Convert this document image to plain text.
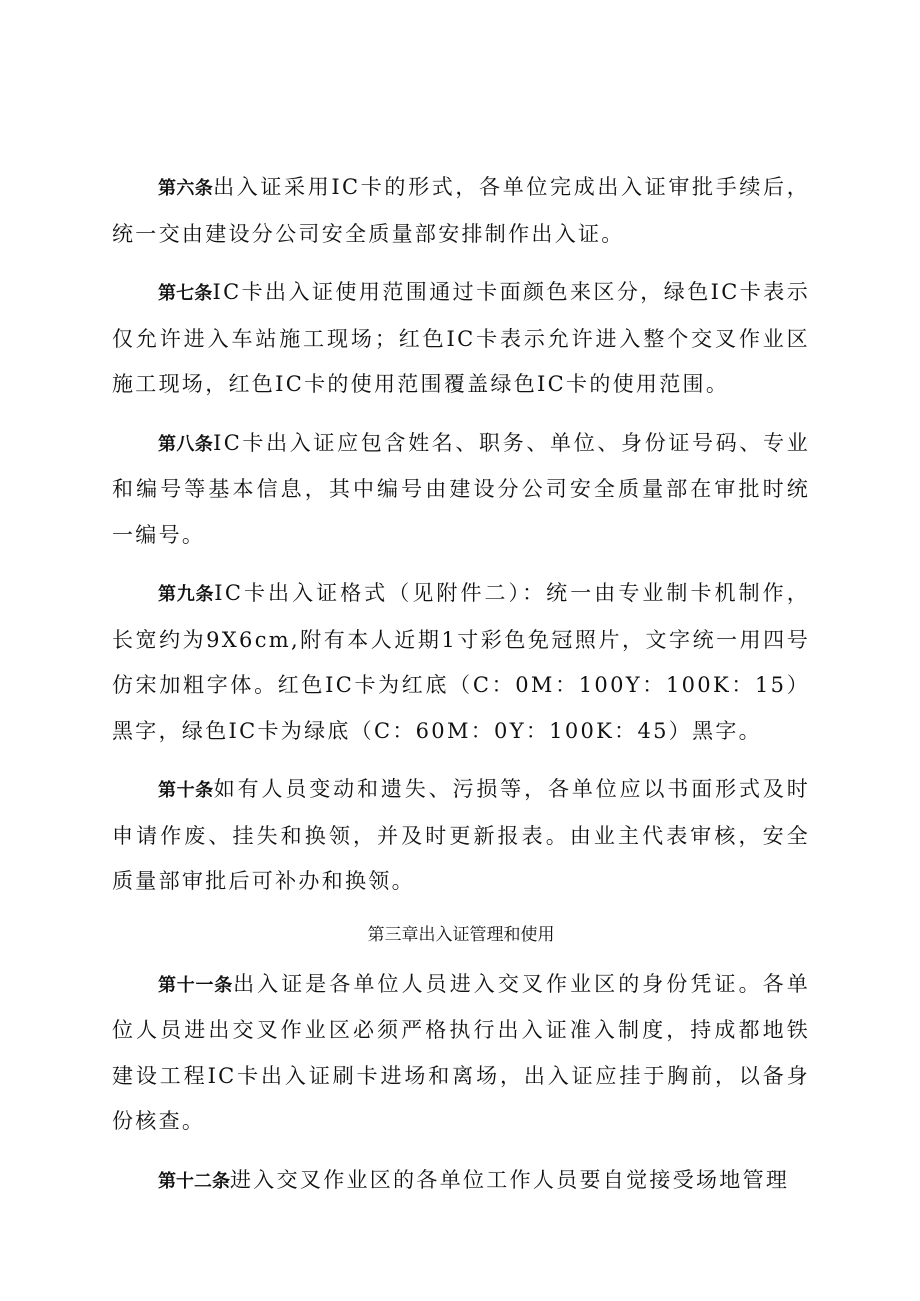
第六条出入证采用IC卡的形式，各单位完成出入证审批手续后，统一交由建设分公司安全质量部安排制作出入证。

第七条IC卡出入证使用范围通过卡面颜色来区分，绿色IC卡表示仅允许进入车站施工现场；红色IC卡表示允许进入整个交叉作业区施工现场，红色IC卡的使用范围覆盖绿色IC卡的使用范围。

第八条IC卡出入证应包含姓名、职务、单位、身份证号码、专业和编号等基本信息，其中编号由建设分公司安全质量部在审批时统一编号。

第九条IC卡出入证格式（见附件二）：统一由专业制卡机制作，长宽约为9X6cm,附有本人近期1寸彩色免冠照片，文字统一用四号仿宋加粗字体。红色IC卡为红底（C：0M：100Y：100K：15）黑字，绿色IC卡为绿底（C：60M：0Y：100K：45）黑字。

第十条如有人员变动和遗失、污损等，各单位应以书面形式及时申请作废、挂失和换领，并及时更新报表。由业主代表审核，安全质量部审批后可补办和换领。

第三章出入证管理和使用

第十一条出入证是各单位人员进入交叉作业区的身份凭证。各单位人员进出交叉作业区必须严格执行出入证准入制度，持成都地铁建设工程IC卡出入证刷卡进场和离场，出入证应挂于胸前，以备身份核查。

第十二条进入交叉作业区的各单位工作人员要自觉接受场地管理
